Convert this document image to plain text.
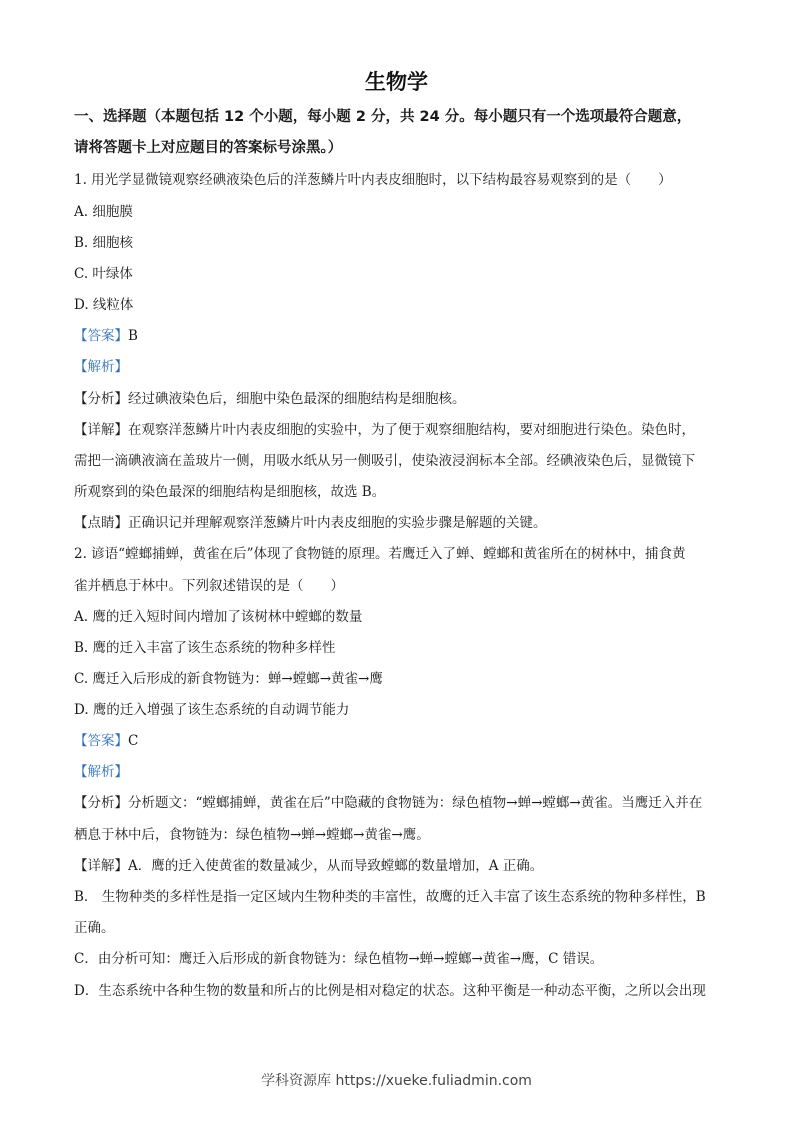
生物学
一、选择题（本题包括 12 个小题，每小题 2 分，共 24 分。每小题只有一个选项最符合题意，
请将答题卡上对应题目的答案标号涂黑。）
1. 用光学显微镜观察经碘液染色后的洋葱鳞片叶内表皮细胞时，以下结构最容易观察到的是（　　）
A. 细胞膜
B. 细胞核
C. 叶绿体
D. 线粒体
【答案】B
【解析】
【分析】经过碘液染色后，细胞中染色最深的细胞结构是细胞核。
【详解】在观察洋葱鳞片叶内表皮细胞的实验中，为了便于观察细胞结构，要对细胞进行染色。染色时，
需把一滴碘液滴在盖玻片一侧，用吸水纸从另一侧吸引，使染液浸润标本全部。经碘液染色后，显微镜下
所观察到的染色最深的细胞结构是细胞核，故选 B。
【点睛】正确识记并理解观察洋葱鳞片叶内表皮细胞的实验步骤是解题的关键。
2. 谚语“螳螂捕蝉，黄雀在后”体现了食物链的原理。若鹰迁入了蝉、螳螂和黄雀所在的树林中，捕食黄
雀并栖息于林中。下列叙述错误的是（　　）
A. 鹰的迁入短时间内增加了该树林中螳螂的数量
B. 鹰的迁入丰富了该生态系统的物种多样性
C. 鹰迁入后形成的新食物链为：蝉→螳螂→黄雀→鹰
D. 鹰的迁入增强了该生态系统的自动调节能力
【答案】C
【解析】
【分析】分析题文：“螳螂捕蝉，黄雀在后”中隐藏的食物链为：绿色植物→蝉→螳螂→黄雀。当鹰迁入并在
栖息于林中后，食物链为：绿色植物→蝉→螳螂→黄雀→鹰。
【详解】A．鹰的迁入使黄雀的数量减少，从而导致螳螂的数量增加，A 正确。
B． 生物种类的多样性是指一定区域内生物种类的丰富性，故鹰的迁入丰富了该生态系统的物种多样性，B
正确。
C．由分析可知：鹰迁入后形成的新食物链为：绿色植物→蝉→螳螂→黄雀→鹰，C 错误。
D．生态系统中各种生物的数量和所占的比例是相对稳定的状态。这种平衡是一种动态平衡，之所以会出现
学科资源库 https://xueke.fuliadmin.com
